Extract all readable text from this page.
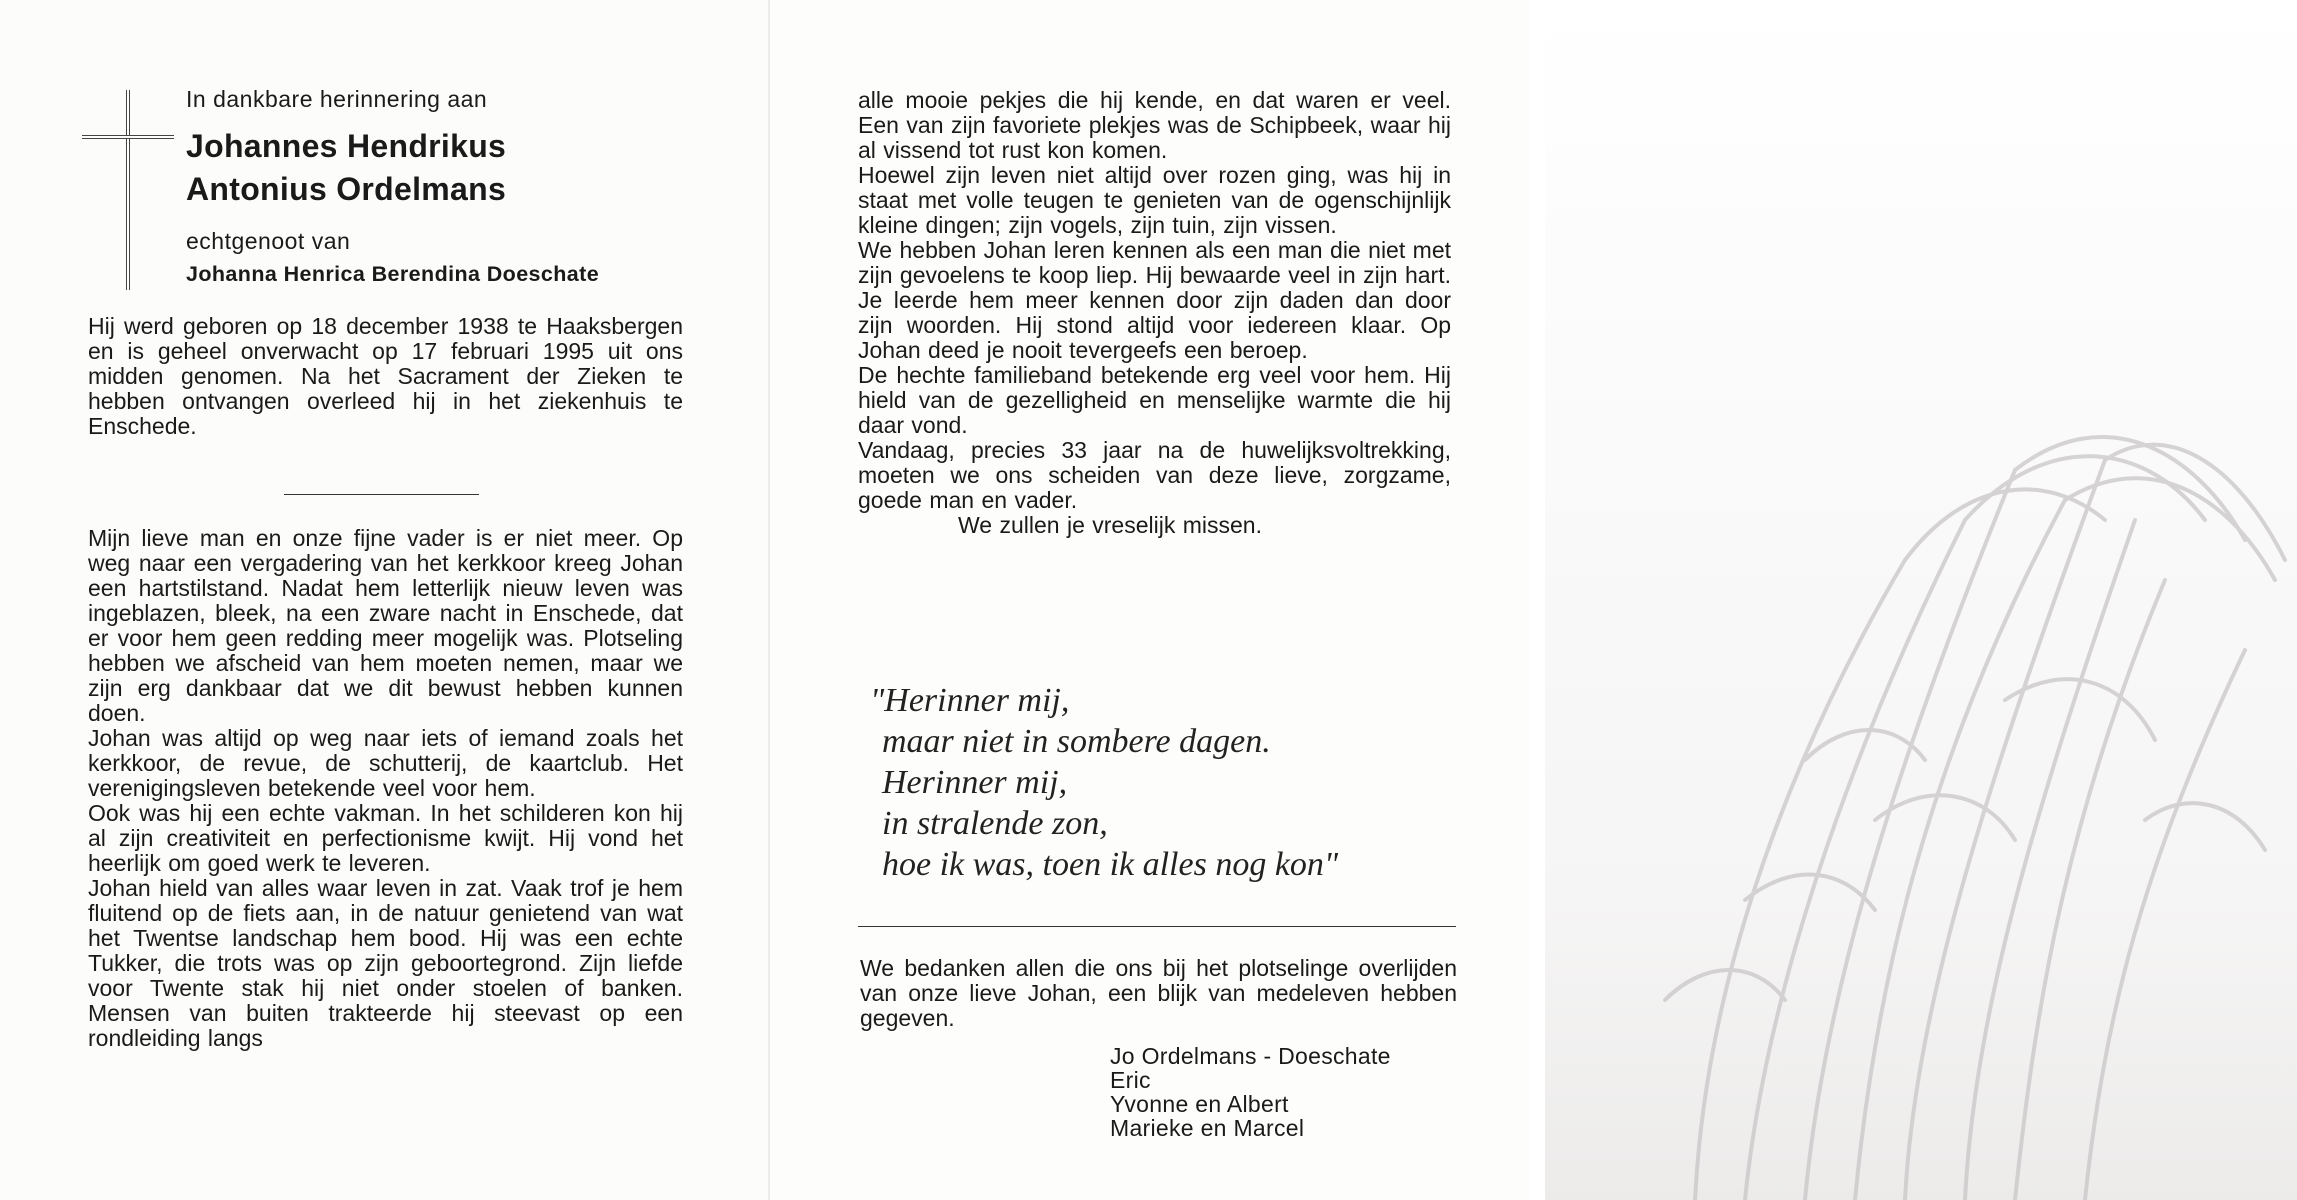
In dankbare herinnering aan

Johannes Hendrikus

Antonius Ordelmans

echtgenoot van

Johanna Henrica Berendina Doeschate

Hij werd geboren op 18 december 1938 te Haaksbergen en is geheel onverwacht op 17 februari 1995 uit ons midden genomen. Na het Sacrament der Zieken te hebben ontvangen overleed hij in het ziekenhuis te Enschede.

Mijn lieve man en onze fijne vader is er niet meer. Op weg naar een vergadering van het kerkkoor kreeg Johan een hartstilstand. Nadat hem letterlijk nieuw leven was ingeblazen, bleek, na een zware nacht in Enschede, dat er voor hem geen redding meer mogelijk was. Plotseling hebben we afscheid van hem moeten nemen, maar we zijn erg dankbaar dat we dit bewust hebben kunnen doen.

Johan was altijd op weg naar iets of iemand zoals het kerkkoor, de revue, de schutterij, de kaartclub. Het verenigingsleven betekende veel voor hem.

Ook was hij een echte vakman. In het schilderen kon hij al zijn creativiteit en perfectionisme kwijt. Hij vond het heerlijk om goed werk te leveren.

Johan hield van alles waar leven in zat. Vaak trof je hem fluitend op de fiets aan, in de natuur genietend van wat het Twentse landschap hem bood. Hij was een echte Tukker, die trots was op zijn geboortegrond. Zijn liefde voor Twente stak hij niet onder stoelen of banken. Mensen van buiten trakteerde hij steevast op een rondleiding langs

alle mooie pekjes die hij kende, en dat waren er veel. Een van zijn favoriete plekjes was de Schipbeek, waar hij al vissend tot rust kon komen.

Hoewel zijn leven niet altijd over rozen ging, was hij in staat met volle teugen te genieten van de ogenschijnlijk kleine dingen; zijn vogels, zijn tuin, zijn vissen.

We hebben Johan leren kennen als een man die niet met zijn gevoelens te koop liep. Hij bewaarde veel in zijn hart. Je leerde hem meer kennen door zijn daden dan door zijn woorden. Hij stond altijd voor iedereen klaar. Op Johan deed je nooit tevergeefs een beroep.

De hechte familieband betekende erg veel voor hem. Hij hield van de gezelligheid en menselijke warmte die hij daar vond.

Vandaag, precies 33 jaar na de huwelijksvoltrekking, moeten we ons scheiden van deze lieve, zorgzame, goede man en vader.

We zullen je vreselijk missen.

"Herinner mij,
maar niet in sombere dagen.
Herinner mij,
in stralende zon,
hoe ik was, toen ik alles nog kon"

We bedanken allen die ons bij het plotselinge overlijden van onze lieve Johan, een blijk van medeleven hebben gegeven.

Jo Ordelmans - Doeschate
Eric
Yvonne en Albert
Marieke en Marcel
